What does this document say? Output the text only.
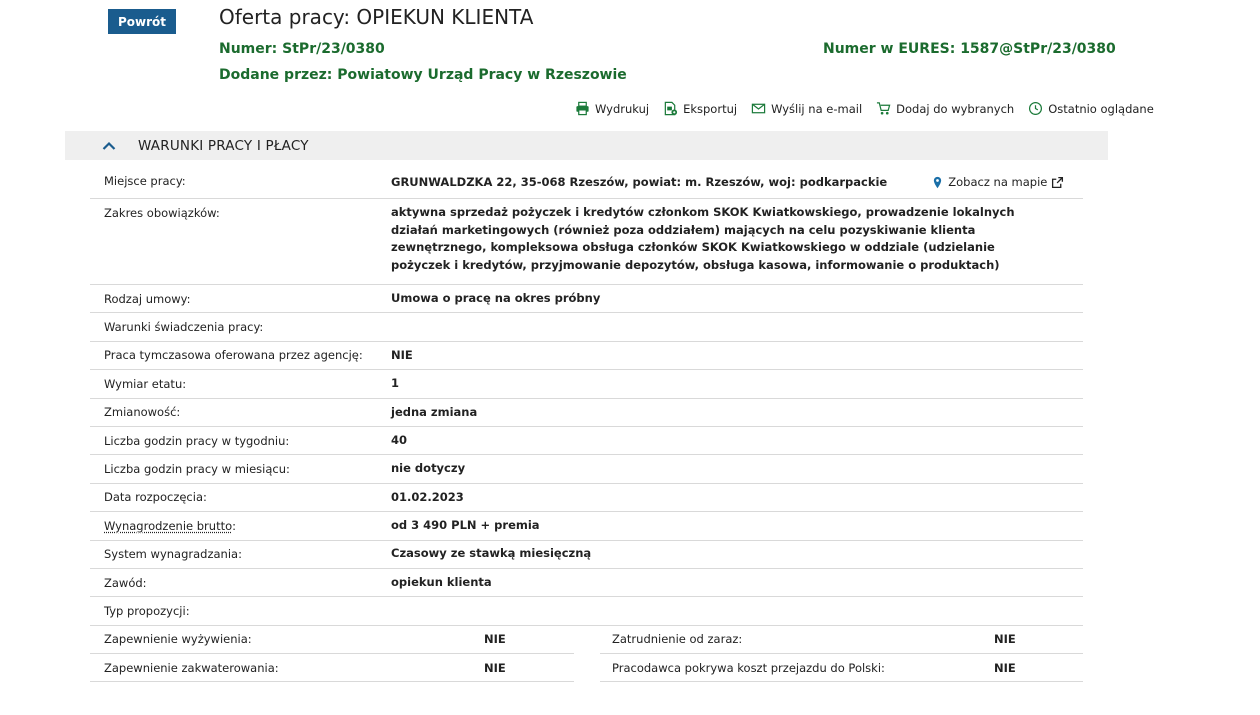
Powrót	Oferta pracy: OPIEKUN KLIENTA
Numer: StPr/23/0380	Numer w EURES: 1587@StPr/23/0380
Dodane przez: Powiatowy Urząd Pracy w Rzeszowie
Wydrukuj	Eksportuj	Wyślij na e-mail	Dodaj do wybranych	Ostatnio oglądane
WARUNKI PRACY I PŁACY
Miejsce pracy:	GRUNWALDZKA 22, 35-068 Rzeszów, powiat: m. Rzeszów, woj: podkarpackie	Zobacz na mapie
Zakres obowiązków:	aktywna sprzedaż pożyczek i kredytów członkom SKOK Kwiatkowskiego, prowadzenie lokalnych działań marketingowych (również poza oddziałem) mających na celu pozyskiwanie klienta zewnętrznego, kompleksowa obsługa członków SKOK Kwiatkowskiego w oddziale (udzielanie pożyczek i kredytów, przyjmowanie depozytów, obsługa kasowa, informowanie o produktach)
Rodzaj umowy:	Umowa o pracę na okres próbny
Warunki świadczenia pracy:
Praca tymczasowa oferowana przez agencję:	NIE
Wymiar etatu:	1
Zmianowość:	jedna zmiana
Liczba godzin pracy w tygodniu:	40
Liczba godzin pracy w miesiącu:	nie dotyczy
Data rozpoczęcia:	01.02.2023
Wynagrodzenie brutto:	od 3 490 PLN + premia
System wynagradzania:	Czasowy ze stawką miesięczną
Zawód:	opiekun klienta
Typ propozycji:
Zapewnienie wyżywienia:	NIE	Zatrudnienie od zaraz:	NIE
Zapewnienie zakwaterowania:	NIE	Pracodawca pokrywa koszt przejazdu do Polski:	NIE
